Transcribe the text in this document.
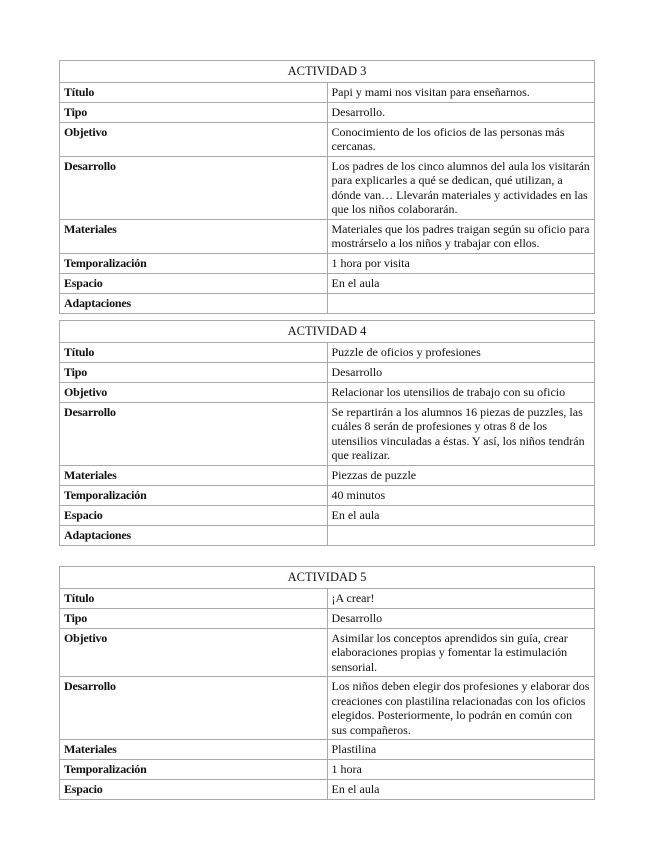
ACTIVIDAD 3	
Título	Papi y mami nos visitan para enseñarnos.
Tipo	Desarrollo.
Objetivo	Conocimiento de los oficios de las personas más cercanas.
Desarrollo	Los padres de los cinco alumnos del aula los visitarán para explicarles a qué se dedican, qué utilizan, a dónde van… Llevarán materiales y actividades en las que los niños colaborarán.
Materiales	Materiales que los padres traigan según su oficio para mostrárselo a los niños y trabajar con ellos.
Temporalización	1 hora por visita
Espacio	En el aula
Adaptaciones	
ACTIVIDAD 4	
Título	Puzzle de oficios y profesiones
Tipo	Desarrollo
Objetivo	Relacionar los utensilios de trabajo con su oficio
Desarrollo	Se repartirán a los alumnos 16 piezas de puzzles, las cuáles 8 serán de profesiones y otras 8 de los utensilios vinculadas a éstas. Y así, los niños tendrán que realizar.
Materiales	Piezzas de puzzle
Temporalización	40 minutos
Espacio	En el aula
Adaptaciones	
ACTIVIDAD 5	
Título	¡A crear!
Tipo	Desarrollo
Objetivo	Asimilar los conceptos aprendidos sin guía, crear elaboraciones propias y fomentar la estimulación sensorial.
Desarrollo	Los niños deben elegir dos profesiones y elaborar dos creaciones con plastilina relacionadas con los oficios elegidos. Posteriormente, lo podrán en común con sus compañeros.
Materiales	Plastilina
Temporalización	1 hora
Espacio	En el aula
